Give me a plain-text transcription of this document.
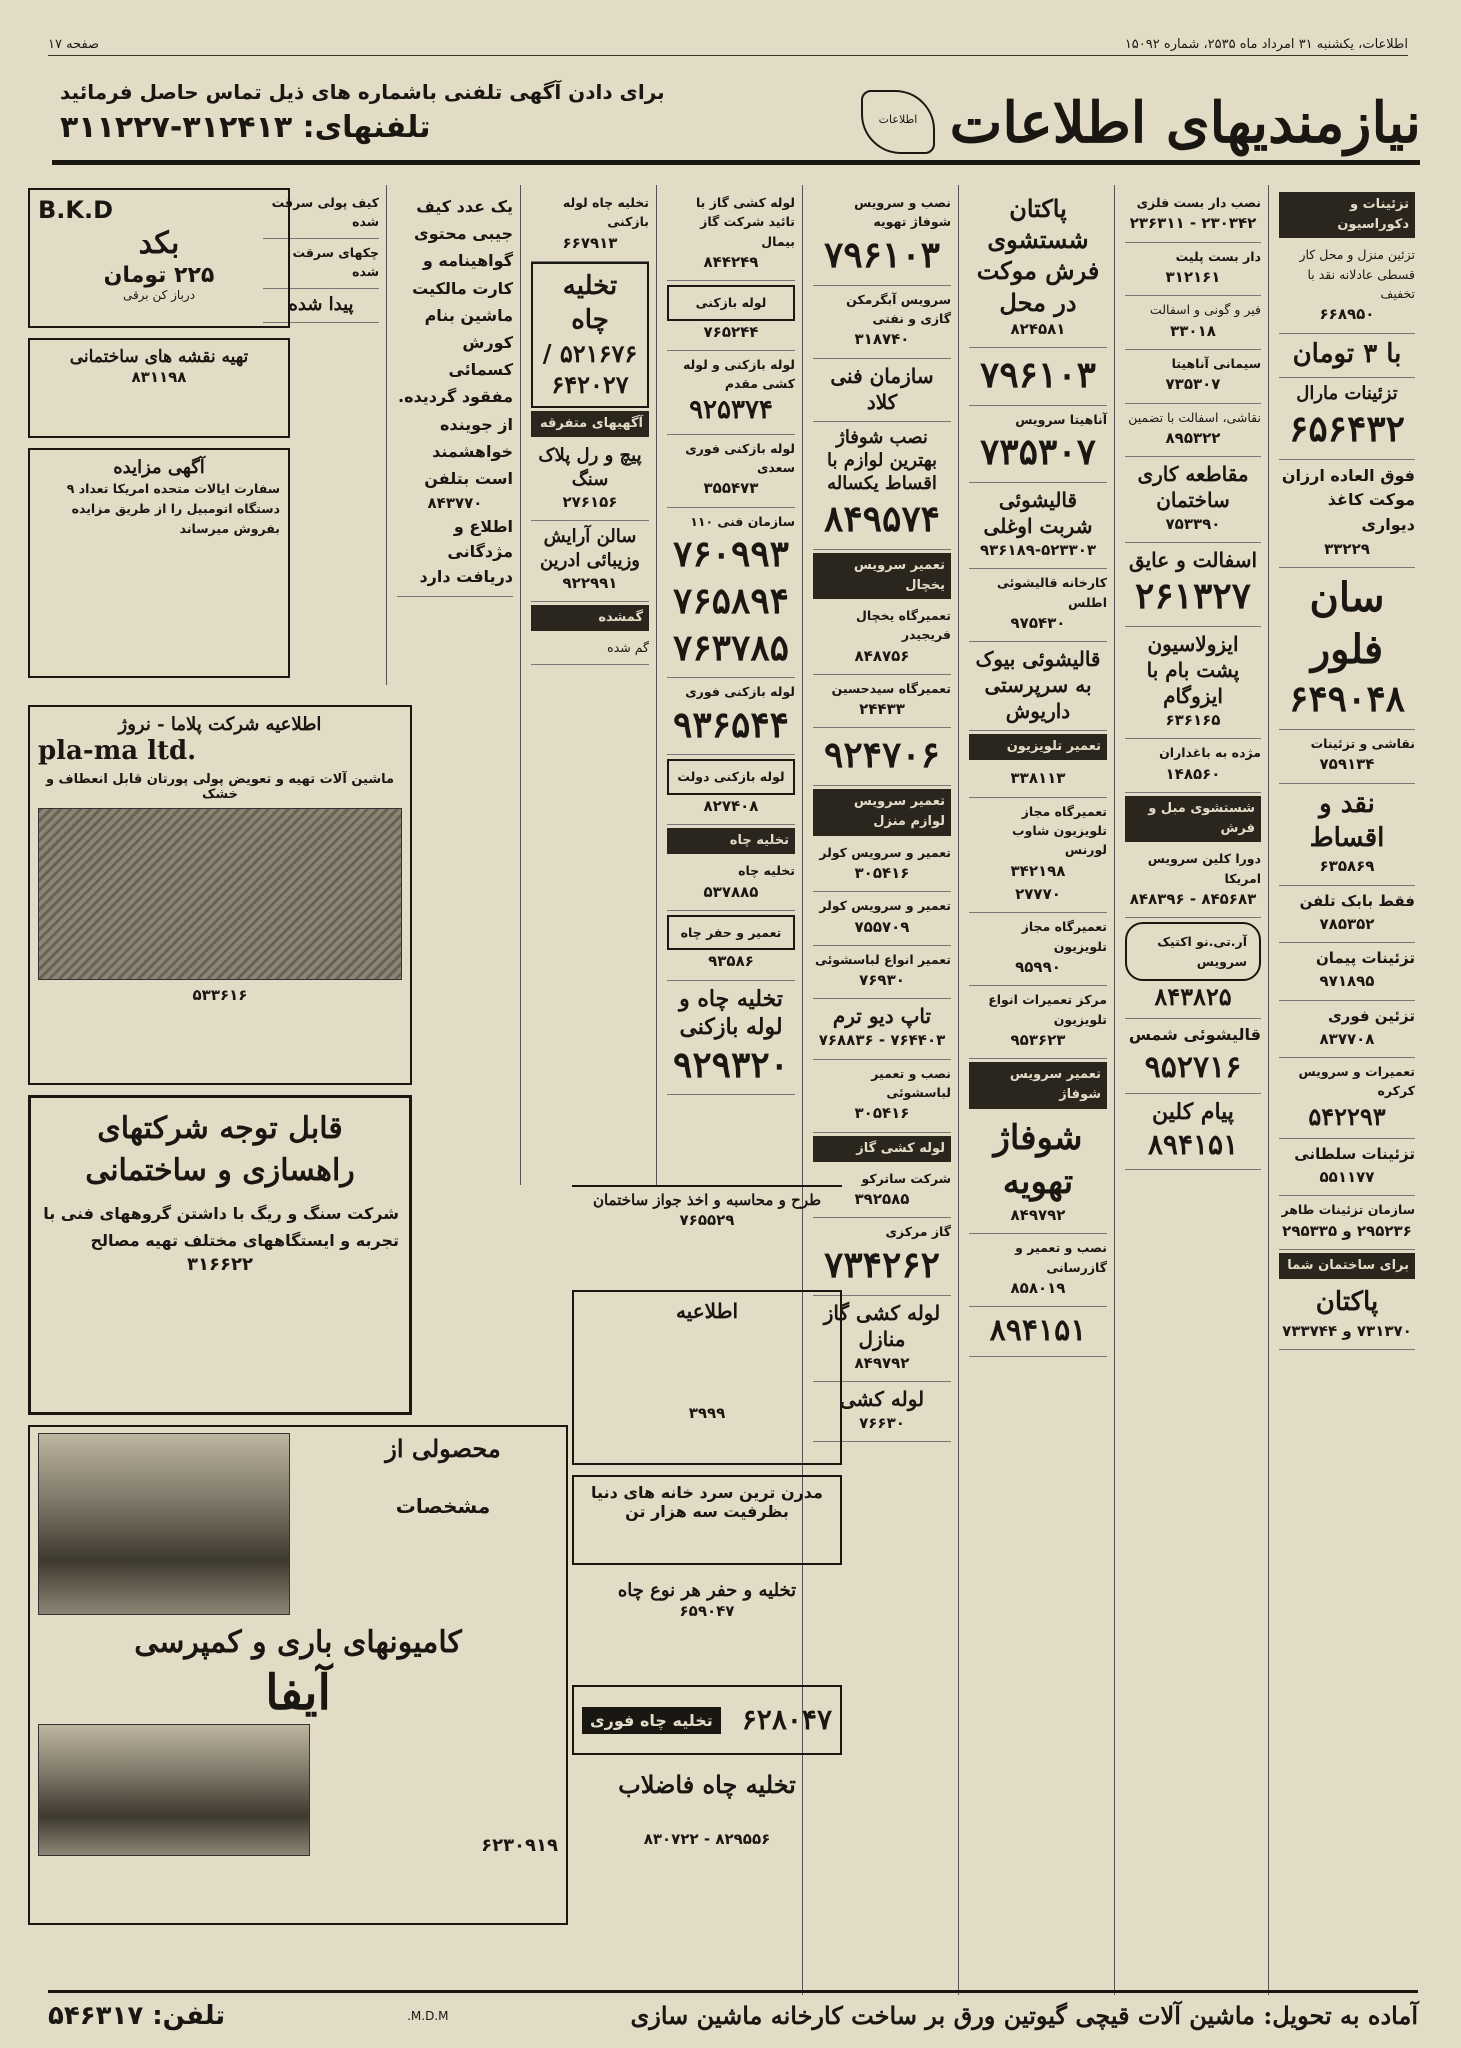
اطلاعات، یکشنبه ۳۱ امرداد ماه ۲۵۳۵، شماره ۱۵۰۹۲
صفحه ۱۷
نیازمندیهای اطلاعات
اطلاعات
برای دادن آگهی تلفنی باشماره های ذیل تماس حاصل فرمائید
تلفنهای: ۳۱۲۴۱۳-۳۱۱۲۲۷
تزئینات و دکوراسیون
تزئین منزل و محل کار قسطی عادلانه نقد با تخفیف
۶۶۸۹۵۰
با ۳ تومان
تزئینات مارال
۶۵۶۴۳۲
فوق العاده ارزان موکت کاغذ دیواری
۳۳۲۲۹
سان فلور
۶۴۹۰۴۸
نقاشی و تزئینات
۷۵۹۱۳۴
نقد و اقساط
۶۳۵۸۶۹
فقط بابک تلفن
۷۸۵۳۵۲
تزئینات پیمان
۹۷۱۸۹۵
تزئین فوری
۸۳۷۷۰۸
تعمیرات و سرویس کرکره
۵۴۲۲۹۳
تزئینات سلطانی
۵۵۱۱۷۷
سازمان تزئینات طاهر
۲۹۵۲۳۶ و ۲۹۵۳۳۵
برای ساختمان شما
پاکتان
۷۳۱۳۷۰ و ۷۳۳۷۴۴
نصب دار بست فلزی
۲۳۰۳۴۲ - ۲۳۶۳۱۱
دار بست پلیت
۳۱۲۱۶۱
فیر و گونی و اسفالت
۳۳۰۱۸
سیمانی آناهیتا
۷۳۵۳۰۷
نقاشی، اسفالت با تضمین
۸۹۵۳۲۲
مقاطعه کاری ساختمان
۷۵۳۳۹۰
اسفالت و عایق
۲۶۱۳۲۷
ایزولاسیون پشت بام با ایزوگام
۶۳۶۱۶۵
مژده به باغداران
۱۴۸۵۶۰
شستشوی مبل و فرش
دورا کلین سرویس امریکا
۸۴۵۶۸۳ - ۸۴۸۳۹۶
آر.تی.نو اکتیک سرویس
۸۴۳۸۲۵
قالیشوئی شمس
۹۵۲۷۱۶
پیام کلین
۸۹۴۱۵۱
پاکتان شستشوی فرش موکت در محل
۸۲۴۵۸۱
۷۹۶۱۰۳
آناهیتا سرویس
۷۳۵۳۰۷
قالیشوئی شربت اوغلی
۹۳۶۱۸۹-۵۲۳۳۰۳
کارخانه قالیشوئی اطلس
۹۷۵۴۳۰
قالیشوئی بیوک به سرپرستی داریوش
تعمیر تلویزیون
۳۳۸۱۱۳
تعمیرگاه مجاز تلویزیون شاوب لورنس
۳۴۲۱۹۸
۲۷۷۷۰
تعمیرگاه مجاز تلویزیون
۹۵۹۹۰
مرکز تعمیرات انواع تلویزیون
۹۵۳۶۲۳
تعمیر سرویس شوفاژ
شوفاژ تهویه
۸۴۹۷۹۲
نصب و تعمیر و گازرسانی
۸۵۸۰۱۹
۸۹۴۱۵۱
نصب و سرویس شوفاژ تهویه
۷۹۶۱۰۳
سرویس آبگرمکن گازی و نفتی
۳۱۸۷۴۰
سازمان فنی کلاد
نصب شوفاژ بهترین لوازم با اقساط یکساله
۸۴۹۵۷۴
تعمیر سرویس یخچال
تعمیرگاه یخچال فریجیدر
۸۴۸۷۵۶
تعمیرگاه سیدحسین
۲۴۴۳۳
۹۲۴۷۰۶
تعمیر سرویس لوازم منزل
تعمیر و سرویس کولر
۳۰۵۴۱۶
تعمیر و سرویس کولر
۷۵۵۷۰۹
تعمیر انواع لباسشوئی
۷۶۹۳۰
تاپ دیو ترم
۷۶۴۴۰۳ - ۷۶۸۸۳۶
نصب و تعمیر لباسشوئی
۳۰۵۴۱۶
لوله کشی گاز
شرکت ساترکو
۳۹۲۵۸۵
گاز مرکزی
۷۳۴۲۶۲
لوله کشی گاز منازل
۸۴۹۷۹۲
لوله کشی
۷۶۶۳۰
لوله کشی گاز با تائید شرکت گاز بیمال
۸۴۴۲۴۹
لوله بازکنی
۷۶۵۲۴۴
لوله بازکنی و لوله کشی مقدم
۹۲۵۳۷۴
لوله بازکنی فوری سعدی
۳۵۵۴۷۳
سازمان فنی ۱۱۰
۷۶۰۹۹۳
۷۶۵۸۹۴
۷۶۳۷۸۵
لوله بازکنی فوری
۹۳۶۵۴۴
لوله بازکنی دولت
۸۲۷۴۰۸
تخلیه چاه
تخلیه چاه
۵۳۷۸۸۵
تعمیر و حفر چاه
۹۳۵۸۶
تخلیه چاه و لوله بازکنی
۹۲۹۳۲۰
تخلیه چاه لوله بازکنی
۶۶۷۹۱۳
تخلیه چاه
۵۲۱۶۷۶ / ۶۴۲۰۲۷
آگهیهای متفرقه
پیچ و رل پلاک سنگ
۲۷۶۱۵۶
سالن آرایش وزیبائی ادرین
۹۲۲۹۹۱
گمشده
گم شده
یک عدد کیف جیبی محتوی گواهینامه و کارت مالکیت ماشین بنام کورش کسمائی مفقود گردیده. از جوینده خواهشمند است بتلفن
۸۴۳۷۷۰
اطلاع و مژدگانی دریافت دارد
کیف پولی سرقت شده
چکهای سرقت شده
پیدا شده
B.K.D
بکد
۲۲۵ تومان
درباز کن برقی
تهیه نقشه های ساختمانی
۸۳۱۱۹۸
آگهی مزایده
سفارت ایالات متحده امریکا تعداد ۹ دستگاه اتومبیل را از طریق مزایده بفروش میرساند
اطلاعیه شرکت پلاما - نروژ
pla-ma ltd.
ماشین آلات تهیه و تعویض پولی پورتان قابل انعطاف و خشک
۵۳۳۶۱۶
قابل توجه شرکتهای راهسازی و ساختمانی
شرکت سنگ و ریگ با داشتن گروههای فنی با تجربه و ایستگاههای مختلف تهیه مصالح
۳۱۶۶۲۲
محصولی از
مشخصات
کامیونهای باری و کمپرسی
آیفا
۶۲۳۰۹۱۹
طرح و محاسبه و اخذ جواز ساختمان
۷۶۵۵۲۹
اطلاعیه
۳۹۹۹
مدرن ترین سرد خانه های دنیا
بظرفیت سه هزار تن
تخلیه و حفر هر نوع چاه
۶۵۹۰۴۷
۶۲۸۰۴۷
تخلیه چاه فوری
تخلیه چاه فاضلاب
۸۲۹۵۵۶ - ۸۳۰۷۲۲
آماده به تحویل: ماشین آلات قیچی گیوتین ورق بر ساخت کارخانه ماشین سازی
M.D.M.
تلفن: ۵۴۶۳۱۷
